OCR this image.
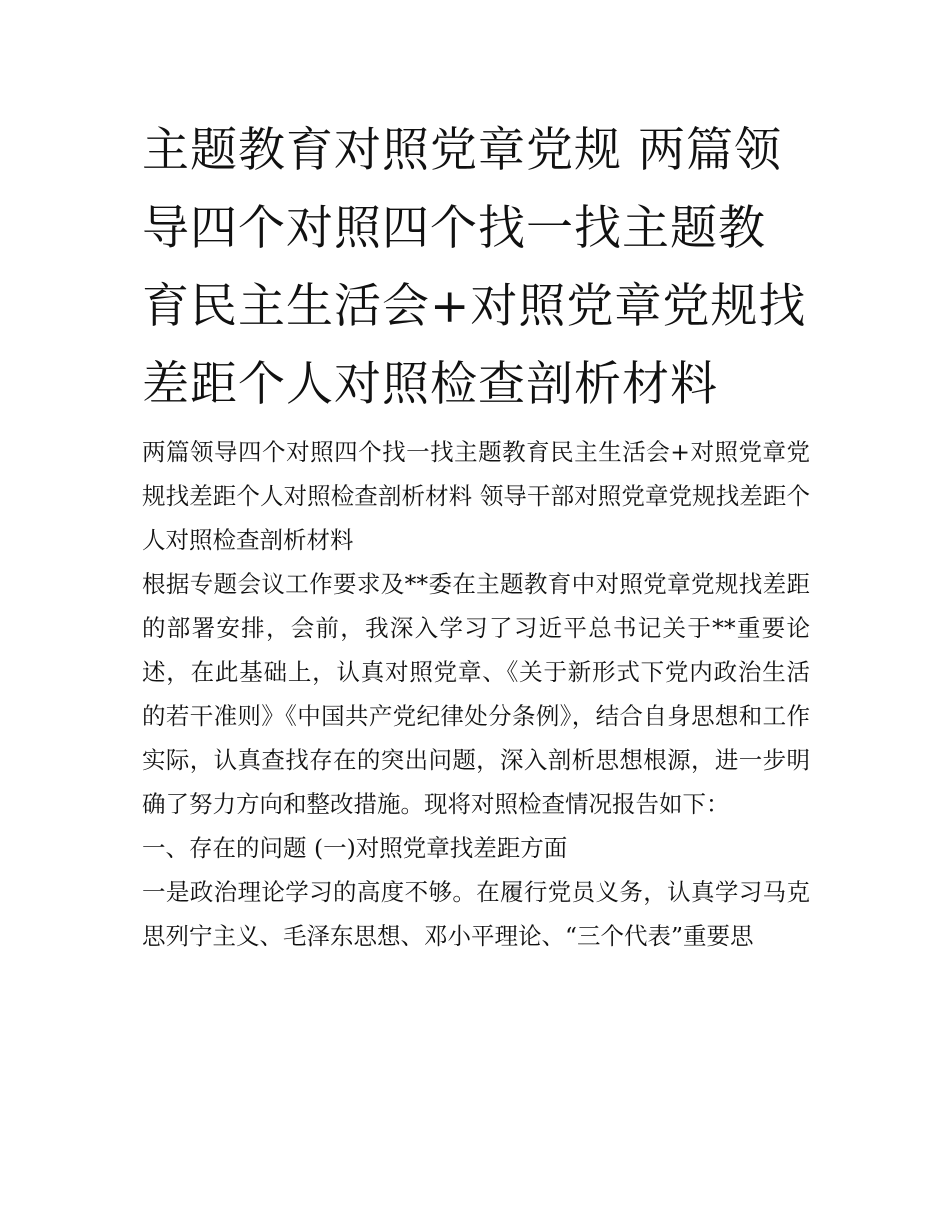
主题教育对照党章党规 两篇领导四个对照四个找一找主题教育民主生活会+对照党章党规找差距个人对照检查剖析材料

两篇领导四个对照四个找一找主题教育民主生活会+对照党章党规找差距个人对照检查剖析材料 领导干部对照党章党规找差距个人对照检查剖析材料

根据专题会议工作要求及**委在主题教育中对照党章党规找差距的部署安排，会前，我深入学习了习近平总书记关于**重要论述，在此基础上，认真对照党章、《关于新形式下党内政治生活的若干准则》《中国共产党纪律处分条例》，结合自身思想和工作实际，认真查找存在的突出问题，深入剖析思想根源，进一步明确了努力方向和整改措施。现将对照检查情况报告如下：

一、存在的问题 (一)对照党章找差距方面

一是政治理论学习的高度不够。在履行党员义务，认真学习马克思列宁主义、毛泽东思想、邓小平理论、“三个代表”重要思
